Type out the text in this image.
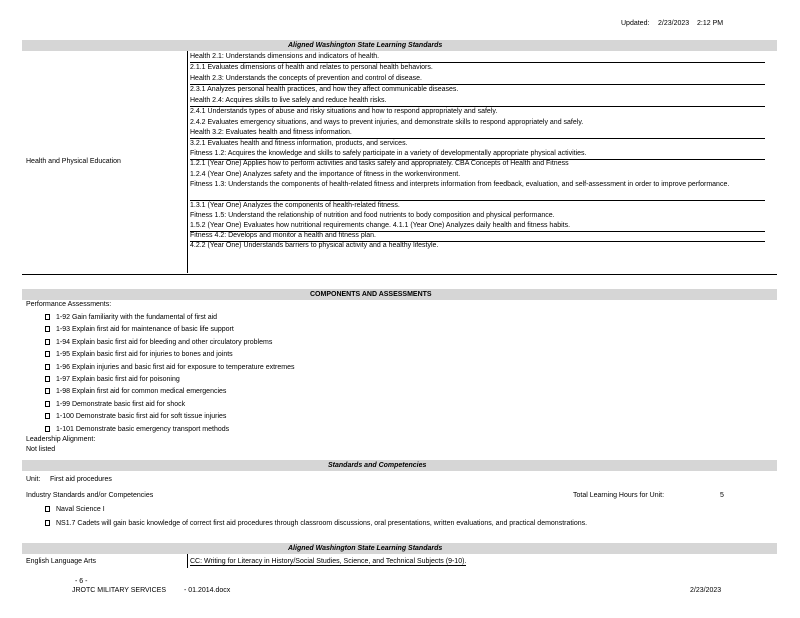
Updated: 2/23/2023 2:12 PM
Aligned Washington State Learning Standards
Health and Physical Education
Health 2.1: Understands dimensions and indicators of health.
2.1.1 Evaluates dimensions of health and relates to personal health behaviors.
Health 2.3: Understands the concepts of prevention and control of disease.
2.3.1 Analyzes personal health practices, and how they affect communicable diseases.
Health 2.4: Acquires skills to live safely and reduce health risks.
2.4.1 Understands types of abuse and risky situations and how to respond appropriately and safely.
2.4.2 Evaluates emergency situations, and ways to prevent injuries, and demonstrate skills to respond appropriately and safely.
Health 3.2: Evaluates health and fitness information.
3.2.1 Evaluates health and fitness information, products, and services.
Fitness 1.2: Acquires the knowledge and skills to safely participate in a variety of developmentally appropriate physical activities.
1.2.1 (Year One) Applies how to perform activities and tasks safely and appropriately. CBA Concepts of Health and Fitness
1.2.4 (Year One) Analyzes safety and the importance of fitness in the workenvironment.
Fitness 1.3: Understands the components of health-related fitness and interprets information from feedback, evaluation, and self-assessment in order to improve performance.
1.3.1 (Year One) Analyzes the components of health-related fitness.
Fitness 1.5: Understand the relationship of nutrition and food nutrients to body composition and physical performance.
1.5.2 (Year One) Evaluates how nutritional requirements change. 4.1.1 (Year One) Analyzes daily health and fitness habits.
Fitness 4.2: Develops and monitor a health and fitness plan.
4.2.2 (Year One) Understands barriers to physical activity and a healthy lifestyle.
COMPONENTS AND ASSESSMENTS
Performance Assessments:
1-92 Gain familiarity with the fundamental of first aid
1-93 Explain first aid for maintenance of basic life support
1-94 Explain basic first aid for bleeding and other circulatory problems
1-95 Explain basic first aid for injuries to bones and joints
1-96 Explain injuries and basic first aid for exposure to temperature extremes
1-97 Explain basic first aid for poisoning
1-98 Explain first aid for common medical emergencies
1-99 Demonstrate basic first aid for shock
1-100 Demonstrate basic first aid for soft tissue injuries
1-101 Demonstrate basic emergency transport methods
Leadership Alignment:
Not listed
Standards and Competencies
Unit: First aid procedures
Industry Standards and/or Competencies	Total Learning Hours for Unit:	5
Naval Science I
NS1.7 Cadets will gain basic knowledge of correct first aid procedures through classroom discussions, oral presentations, written evaluations, and practical demonstrations.
Aligned Washington State Learning Standards
English Language Arts	CC: Writing for Literacy in History/Social Studies, Science, and Technical Subjects (9-10).
- 6 -
JROTC MILITARY SERVICES	- 01.2014.docx	2/23/2023
